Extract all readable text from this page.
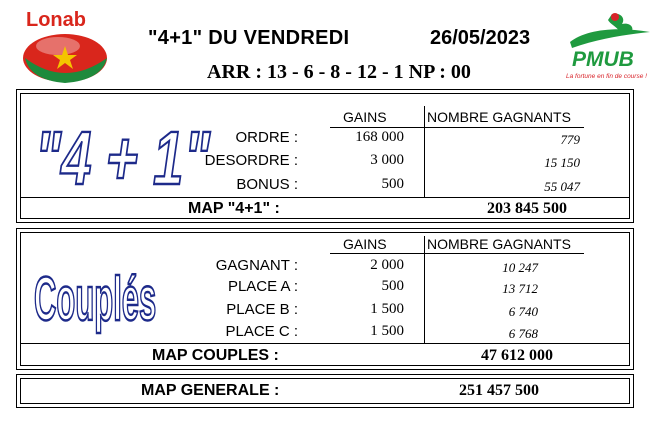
Lonab
PMUB
La fortune en fin de course !
"4+1" DU VENDREDI	26/05/2023
ARR : 13 - 6 - 8 - 12 - 1 NP : 00
"4 + 1"	GAINS	NOMBRE GAGNANTS
ORDRE :	168 000	779
DESORDRE :	3 000	15 150
BONUS :	500	55 047
MAP "4+1" :	203 845 500
Couplés
GAINS	NOMBRE GAGNANTS
GAGNANT :	2 000	10 247
PLACE A :	500	13 712
PLACE B :	1 500	6 740
PLACE C :	1 500	6 768
MAP COUPLES :	47 612 000
MAP GENERALE :	251 457 500
